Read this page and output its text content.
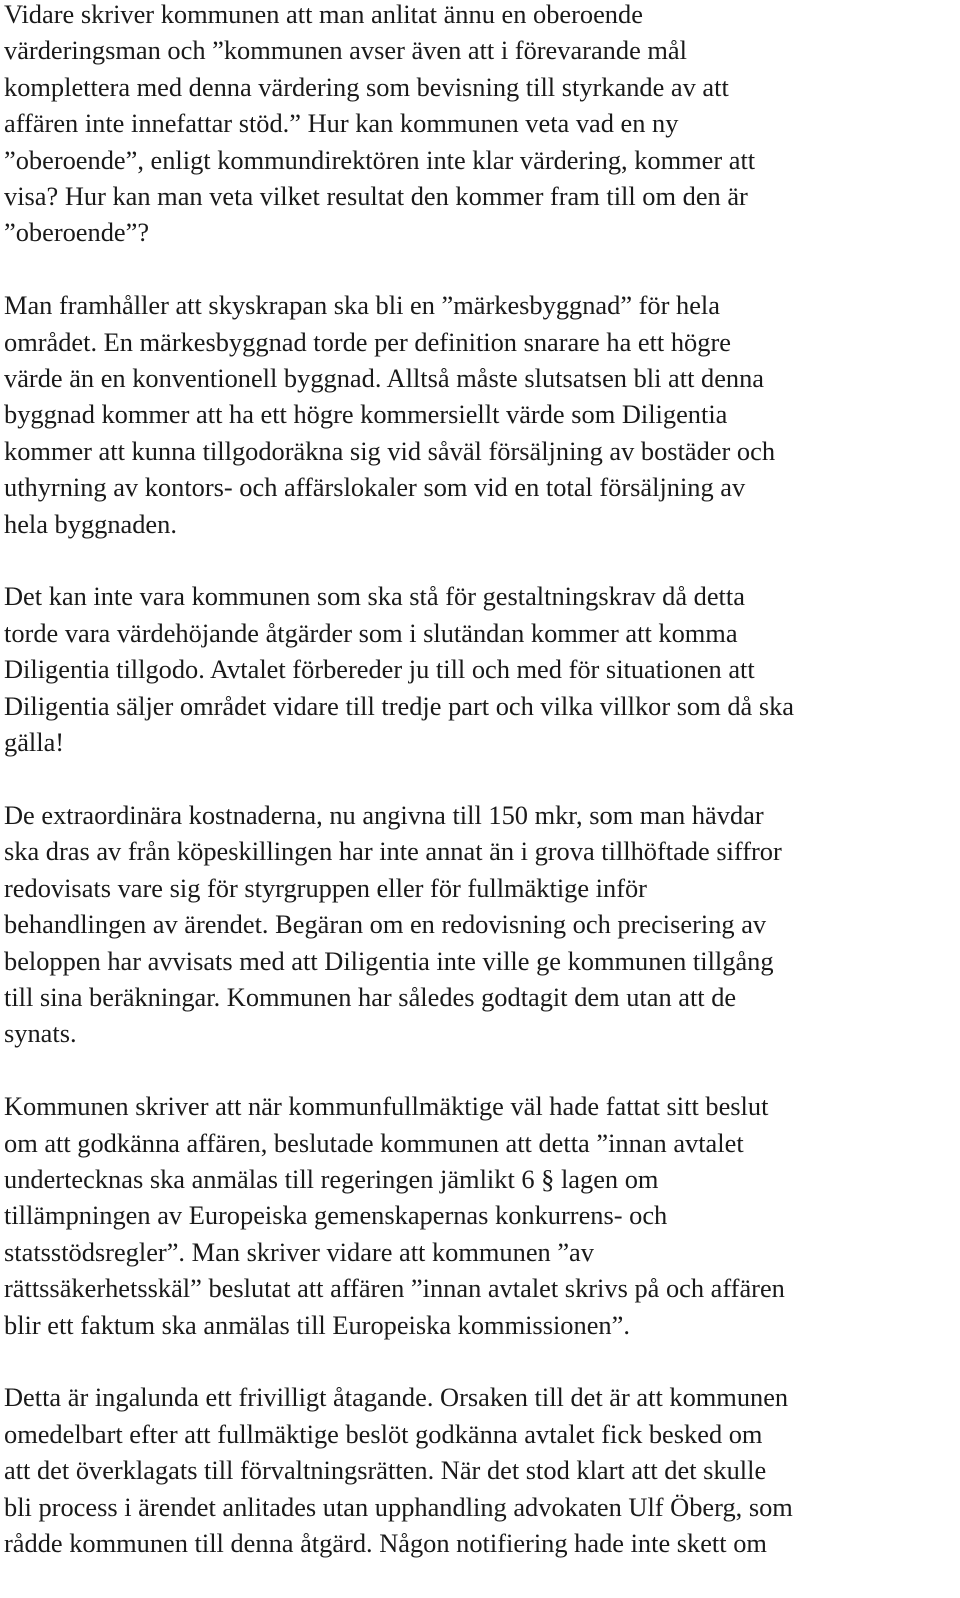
Vidare skriver kommunen att man anlitat ännu en oberoende
värderingsman och ”kommunen avser även att i förevarande mål
komplettera med denna värdering som bevisning till styrkande av att
affären inte innefattar stöd.” Hur kan kommunen veta vad en ny
”oberoende”, enligt kommundirektören inte klar värdering, kommer att
visa? Hur kan man veta vilket resultat den kommer fram till om den är
”oberoende”?

Man framhåller att skyskrapan ska bli en ”märkesbyggnad” för hela
området. En märkesbyggnad torde per definition snarare ha ett högre
värde än en konventionell byggnad. Alltså måste slutsatsen bli att denna
byggnad kommer att ha ett högre kommersiellt värde som Diligentia
kommer att kunna tillgodoräkna sig vid såväl försäljning av bostäder och
uthyrning av kontors- och affärslokaler som vid en total försäljning av
hela byggnaden.

Det kan inte vara kommunen som ska stå för gestaltningskrav då detta
torde vara värdehöjande åtgärder som i slutändan kommer att komma
Diligentia tillgodo. Avtalet förbereder ju till och med för situationen att
Diligentia säljer området vidare till tredje part och vilka villkor som då ska
gälla!

De extraordinära kostnaderna, nu angivna till 150 mkr, som man hävdar
ska dras av från köpeskillingen har inte annat än i grova tillhöftade siffror
redovisats vare sig för styrgruppen eller för fullmäktige inför
behandlingen av ärendet. Begäran om en redovisning och precisering av
beloppen har avvisats med att Diligentia inte ville ge kommunen tillgång
till sina beräkningar. Kommunen har således godtagit dem utan att de
synats.

Kommunen skriver att när kommunfullmäktige väl hade fattat sitt beslut
om att godkänna affären, beslutade kommunen att detta ”innan avtalet
undertecknas ska anmälas till regeringen jämlikt 6 § lagen om
tillämpningen av Europeiska gemenskapernas konkurrens- och
statsstödsregler”. Man skriver vidare att kommunen ”av
rättssäkerhetsskäl” beslutat att affären ”innan avtalet skrivs på och affären
blir ett faktum ska anmälas till Europeiska kommissionen”.

Detta är ingalunda ett frivilligt åtagande. Orsaken till det är att kommunen
omedelbart efter att fullmäktige beslöt godkänna avtalet fick besked om
att det överklagats till förvaltningsrätten. När det stod klart att det skulle
bli process i ärendet anlitades utan upphandling advokaten Ulf Öberg, som
rådde kommunen till denna åtgärd. Någon notifiering hade inte skett om
